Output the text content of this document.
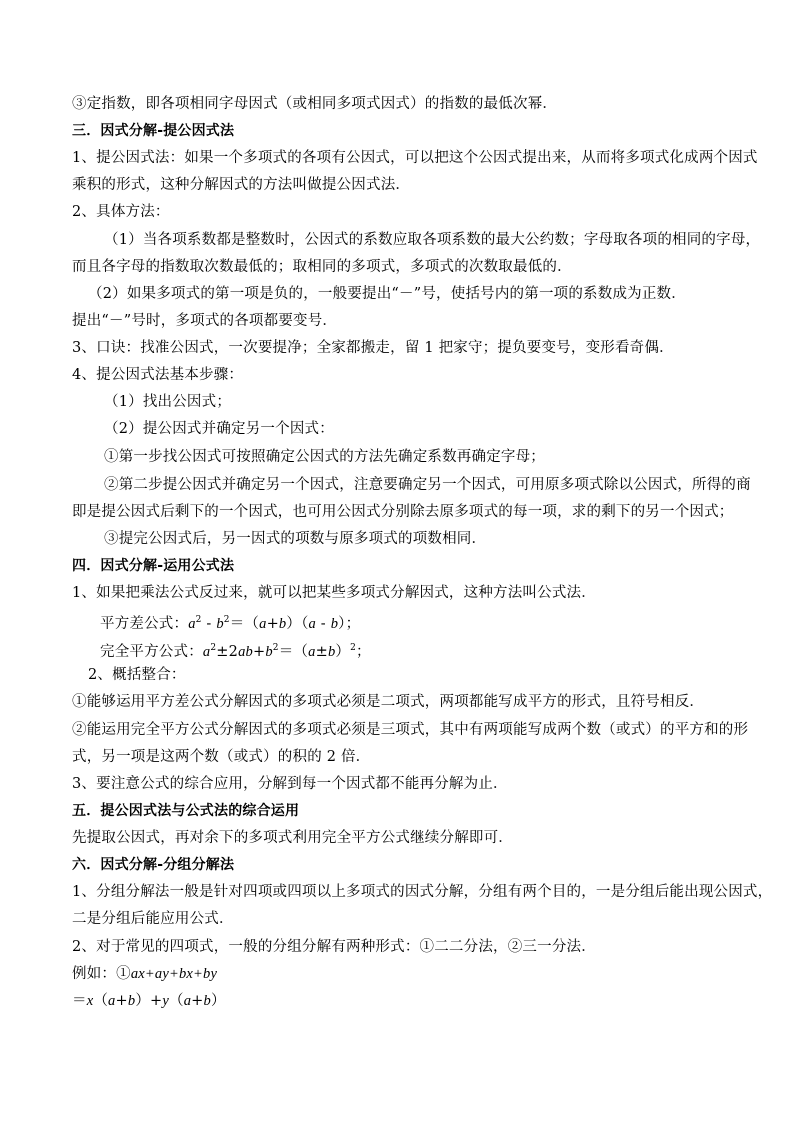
③定指数，即各项相同字母因式（或相同多项式因式）的指数的最低次幂．
三．因式分解-提公因式法
1、提公因式法：如果一个多项式的各项有公因式，可以把这个公因式提出来，从而将多项式化成两个因式
乘积的形式，这种分解因式的方法叫做提公因式法．
2、具体方法：
（1）当各项系数都是整数时，公因式的系数应取各项系数的最大公约数；字母取各项的相同的字母，
而且各字母的指数取次数最低的；取相同的多项式，多项式的次数取最低的．
（2）如果多项式的第一项是负的，一般要提出“－”号，使括号内的第一项的系数成为正数．
提出“－”号时，多项式的各项都要变号．
3、口诀：找准公因式，一次要提净；全家都搬走，留 1 把家守；提负要变号，变形看奇偶．
4、提公因式法基本步骤：
（1）找出公因式；
（2）提公因式并确定另一个因式：
①第一步找公因式可按照确定公因式的方法先确定系数再确定字母；
②第二步提公因式并确定另一个因式，注意要确定另一个因式，可用原多项式除以公因式，所得的商
即是提公因式后剩下的一个因式，也可用公因式分别除去原多项式的每一项，求的剩下的另一个因式；
③提完公因式后，另一因式的项数与原多项式的项数相同．
四．因式分解-运用公式法
1、如果把乘法公式反过来，就可以把某些多项式分解因式，这种方法叫公式法．
平方差公式：$a^2 - b^2=(a+b)(a - b)$；
完全平方公式：$a^2\pm 2ab+b^2=(a\pm b)^2$；
2、概括整合：
①能够运用平方差公式分解因式的多项式必须是二项式，两项都能写成平方的形式，且符号相反．
②能运用完全平方公式分解因式的多项式必须是三项式，其中有两项能写成两个数（或式）的平方和的形
式，另一项是这两个数（或式）的积的 2 倍．
3、要注意公式的综合应用，分解到每一个因式都不能再分解为止．
五．提公因式法与公式法的综合运用
先提取公因式，再对余下的多项式利用完全平方公式继续分解即可．
六．因式分解-分组分解法
1、分组分解法一般是针对四项或四项以上多项式的因式分解，分组有两个目的，一是分组后能出现公因式，
二是分组后能应用公式．
2、对于常见的四项式，一般的分组分解有两种形式：①二二分法，②三一分法．
例如：①ax+ay+bx+by
＝x（a+b）+y（a+b）
